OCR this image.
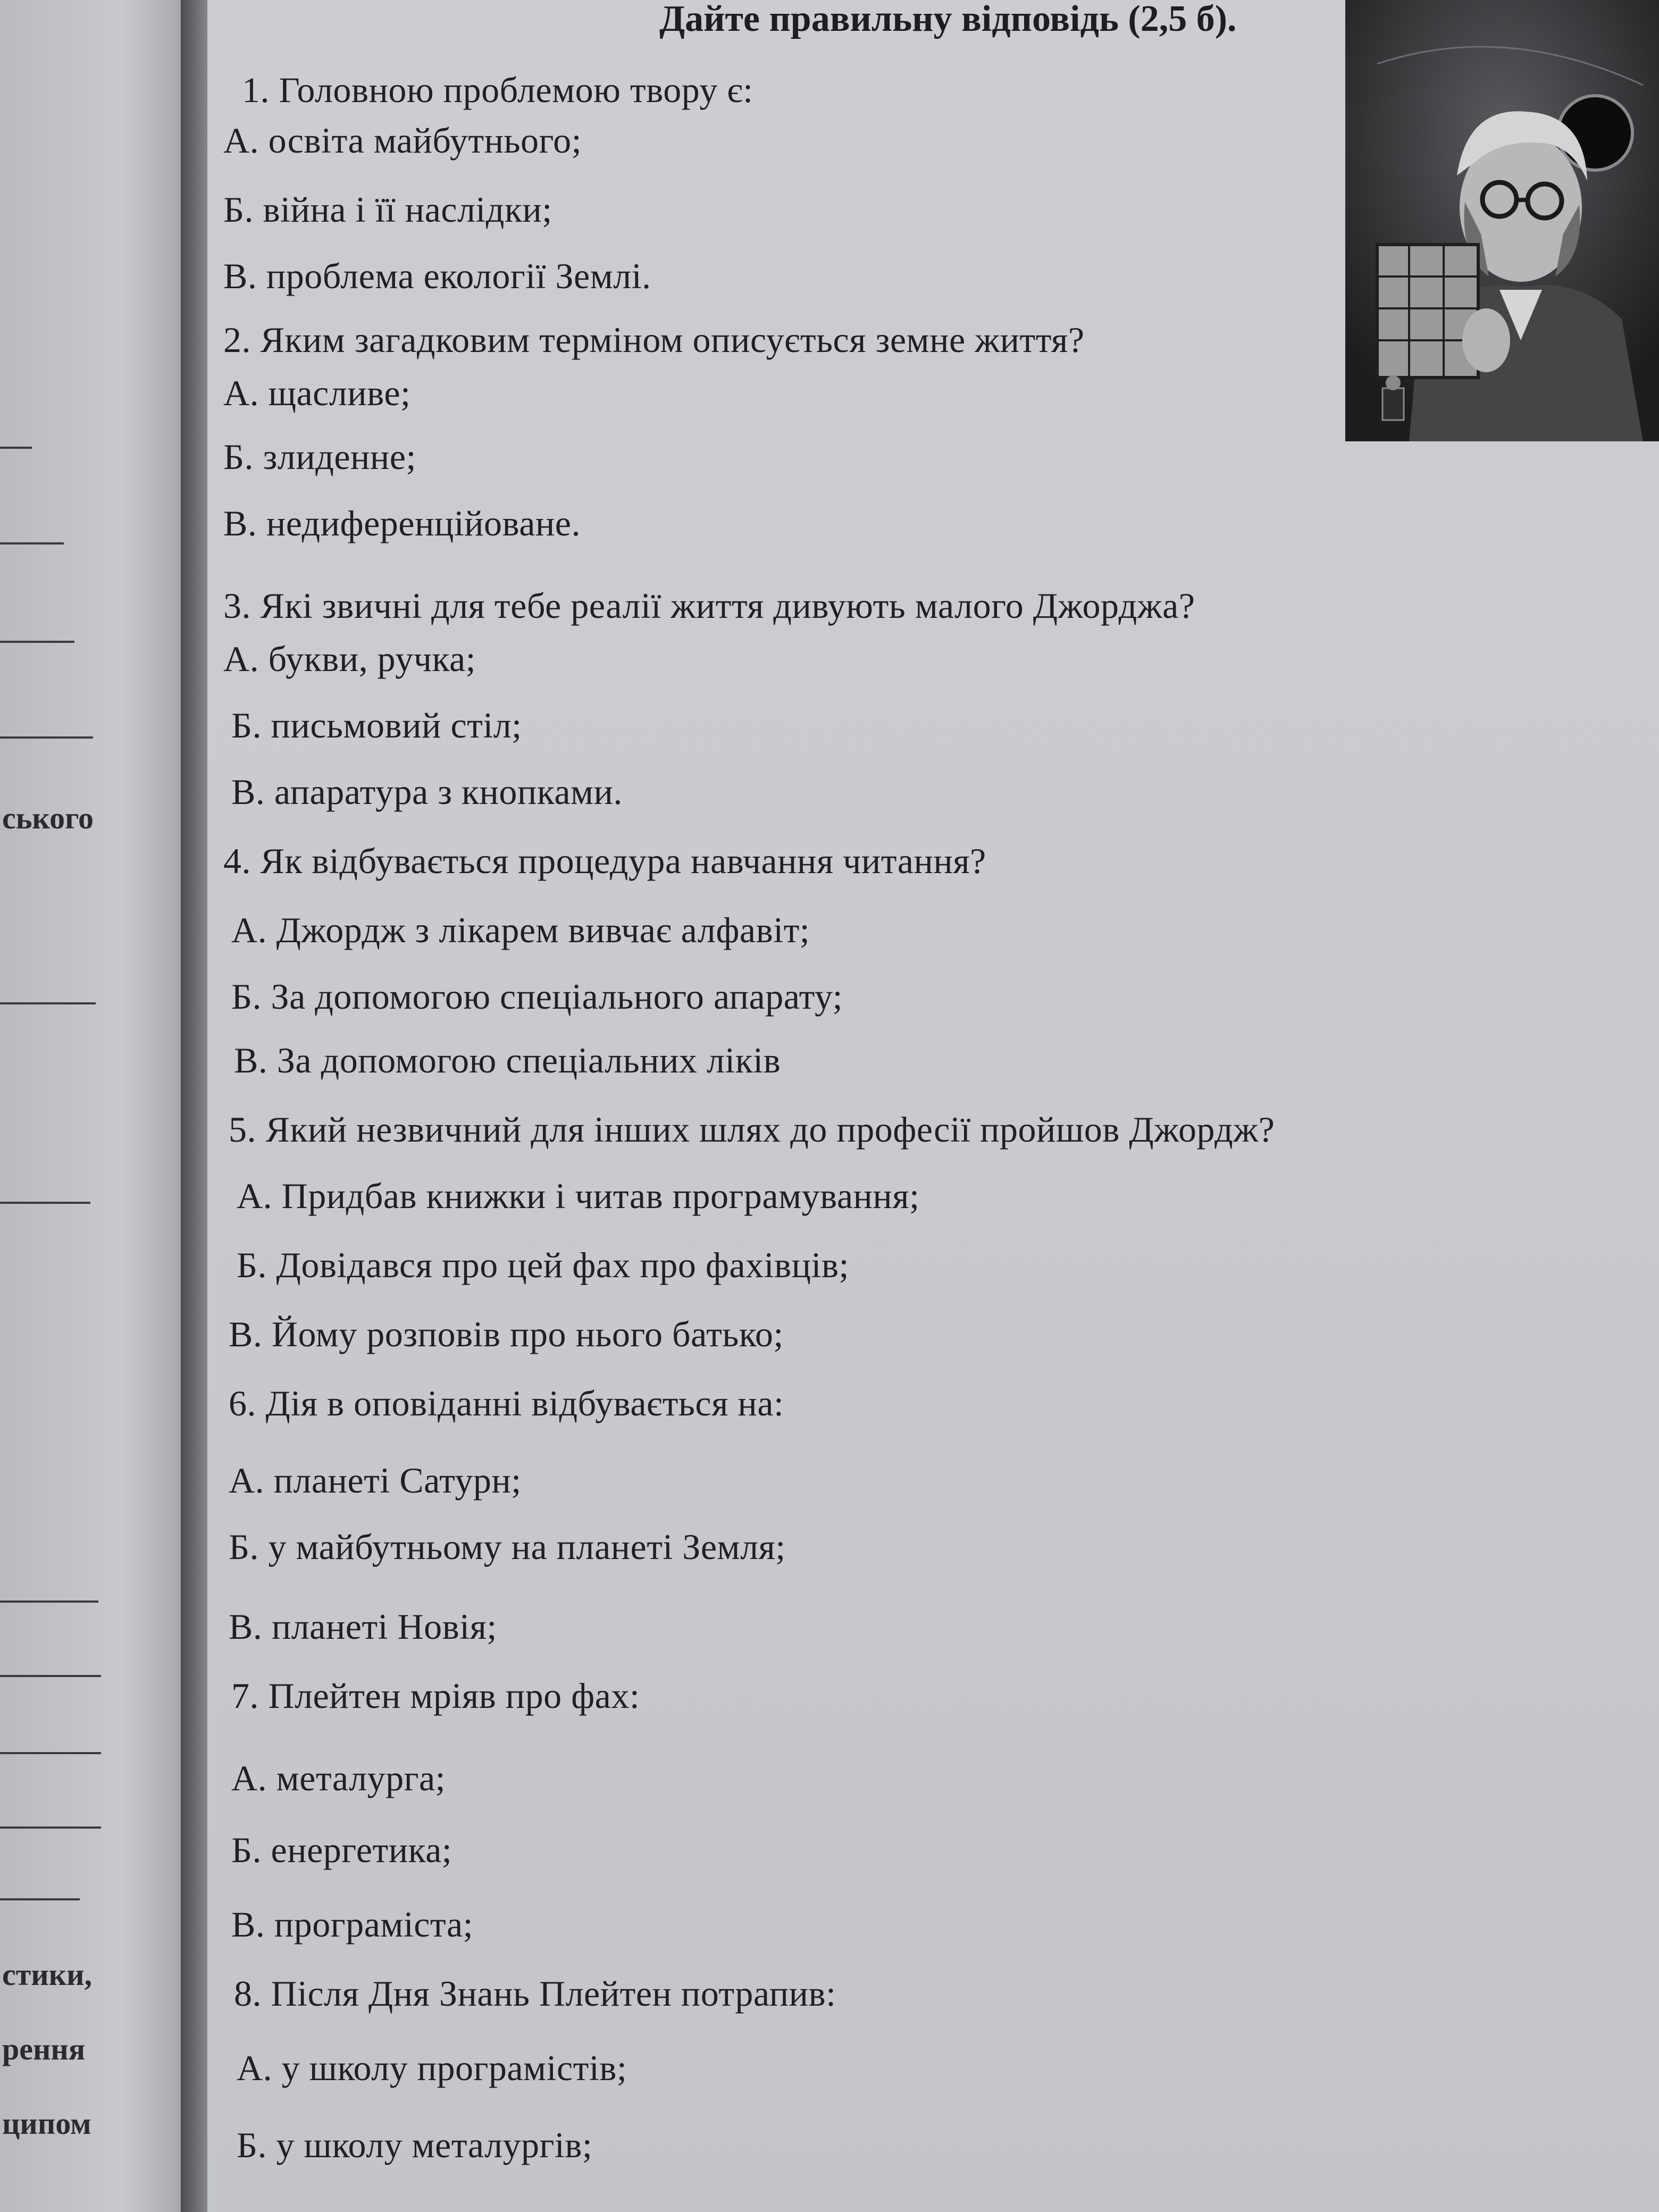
ського
стики,
рення
ципом
Дайте правильну відповідь (2,5 б).
1. Головною проблемою твору є:
А. освіта майбутнього;
Б. війна і її наслідки;
В. проблема екології Землі.
2. Яким загадковим терміном описується земне життя?
А. щасливе;
Б. злиденне;
В. недиференційоване.
3. Які звичні для тебе реалії життя дивують малого Джорджа?
А. букви, ручка;
Б. письмовий стіл;
В. апаратура з кнопками.
4. Як відбувається процедура навчання читання?
А. Джордж з лікарем вивчає алфавіт;
Б. За допомогою спеціального апарату;
В. За допомогою спеціальних ліків
5. Який незвичний для інших шлях до професії пройшов Джордж?
А. Придбав книжки і читав програмування;
Б. Довідався про цей фах про фахівців;
В. Йому розповів про нього батько;
6. Дія в оповіданні відбувається на:
А. планеті Сатурн;
Б. у майбутньому на планеті Земля;
В. планеті Новія;
7. Плейтен мріяв про фах:
А. металурга;
Б. енергетика;
В. програміста;
8. Після Дня Знань Плейтен потрапив:
А. у школу програмістів;
Б. у школу металургів;
